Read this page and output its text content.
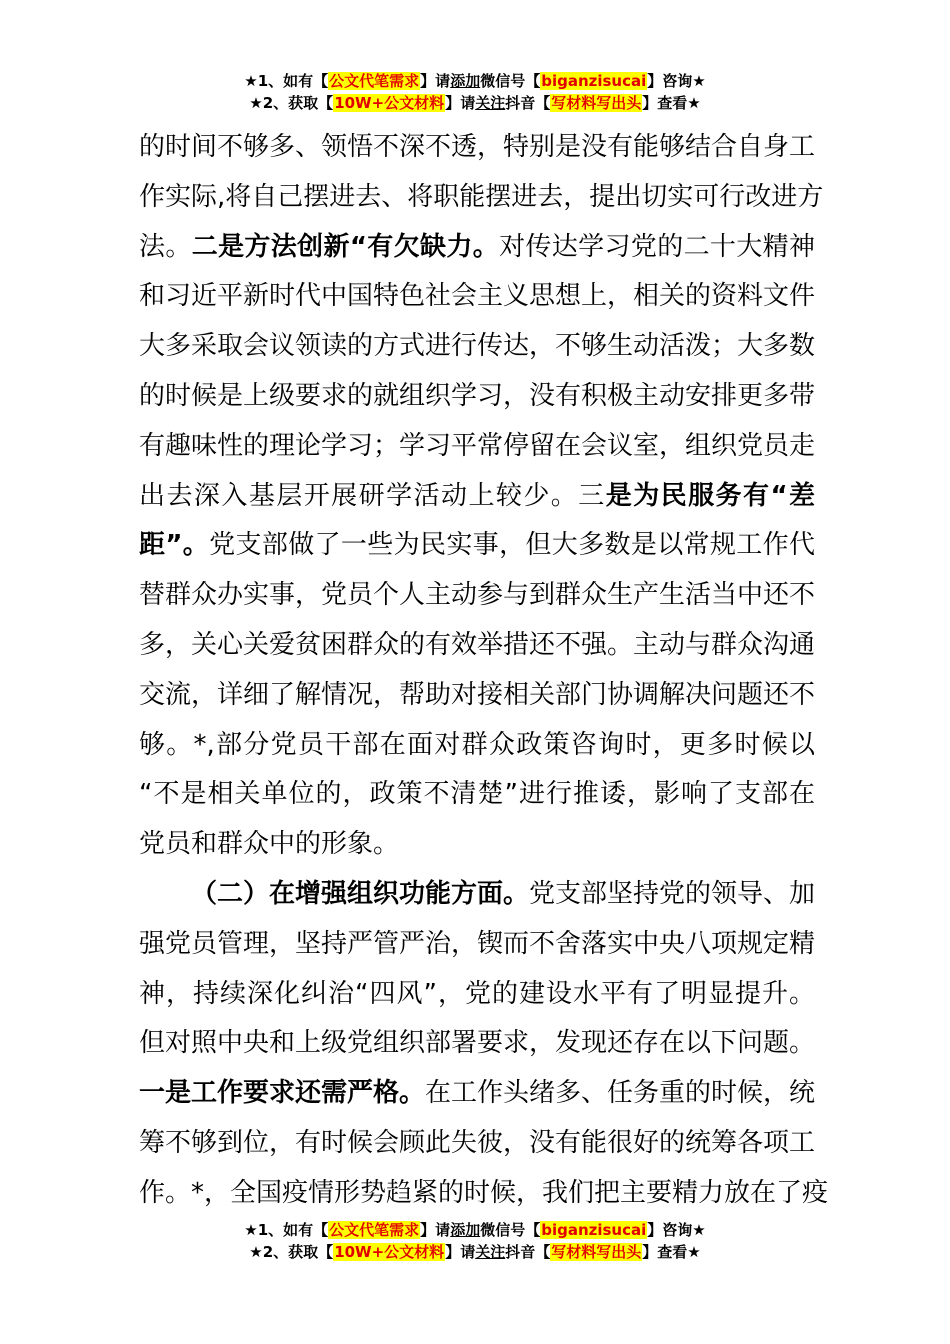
★1、如有【公文代笔需求】请添加微信号【biganzisucai】咨询★
★2、获取【10W+公文材料】请关注抖音【写材料写出头】查看★
的时间不够多、领悟不深不透，特别是没有能够结合自身工
作实际,将自己摆进去、将职能摆进去，提出切实可行改进方
法。二是方法创新“有欠缺力。对传达学习党的二十大精神
和习近平新时代中国特色社会主义思想上，相关的资料文件
大多采取会议领读的方式进行传达，不够生动活泼；大多数
的时候是上级要求的就组织学习，没有积极主动安排更多带
有趣味性的理论学习；学习平常停留在会议室，组织党员走
出去深入基层开展研学活动上较少。三是为民服务有“差
距”。党支部做了一些为民实事，但大多数是以常规工作代
替群众办实事，党员个人主动参与到群众生产生活当中还不
多，关心关爱贫困群众的有效举措还不强。主动与群众沟通
交流，详细了解情况，帮助对接相关部门协调解决问题还不
够。*,部分党员干部在面对群众政策咨询时，更多时候以
“不是相关单位的，政策不清楚”进行推诿，影响了支部在
党员和群众中的形象。
（二）在增强组织功能方面。党支部坚持党的领导、加
强党员管理，坚持严管严治，锲而不舍落实中央八项规定精
神，持续深化纠治“四风”，党的建设水平有了明显提升。
但对照中央和上级党组织部署要求，发现还存在以下问题。
一是工作要求还需严格。在工作头绪多、任务重的时候，统
筹不够到位，有时候会顾此失彼，没有能很好的统筹各项工
作。*，全国疫情形势趋紧的时候，我们把主要精力放在了疫
★1、如有【公文代笔需求】请添加微信号【biganzisucai】咨询★
★2、获取【10W+公文材料】请关注抖音【写材料写出头】查看★
